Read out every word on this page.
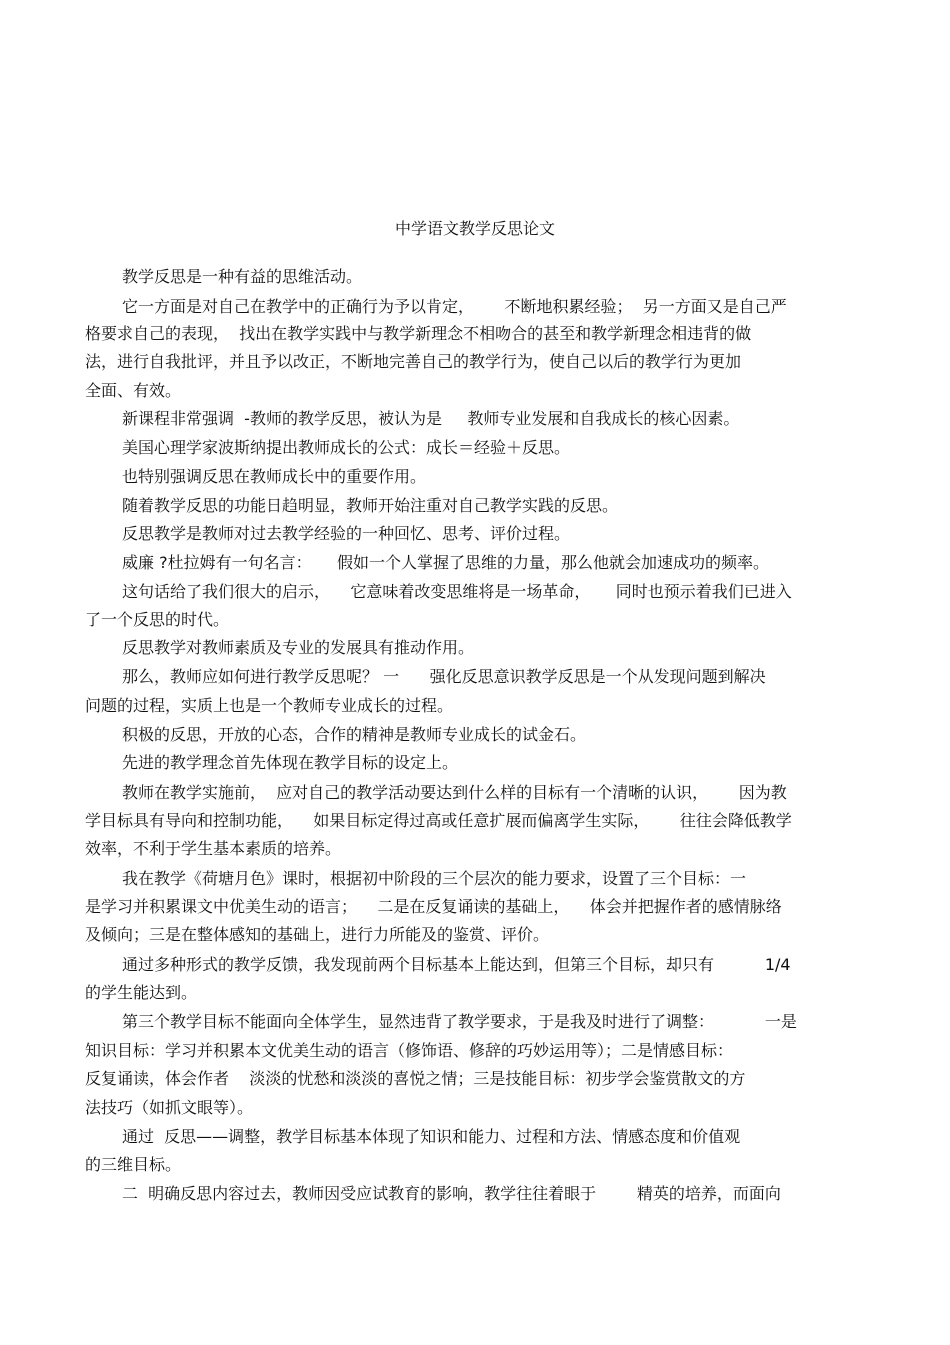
中学语文教学反思论文
教学反思是一种有益的思维活动。
它一方面是对自己在教学中的正确行为予以肯定，      不断地积累经验；  另一方面又是自己严
格要求自己的表现，  找出在教学实践中与教学新理念不相吻合的甚至和教学新理念相违背的做
法，进行自我批评，并且予以改正，不断地完善自己的教学行为，使自己以后的教学行为更加
全面、有效。
新课程非常强调  -教师的教学反思，被认为是     教师专业发展和自我成长的核心因素。
美国心理学家波斯纳提出教师成长的公式：成长＝经验＋反思。
也特别强调反思在教师成长中的重要作用。
随着教学反思的功能日趋明显，教师开始注重对自己教学实践的反思。
反思教学是教师对过去教学经验的一种回忆、思考、评价过程。
威廉 ?杜拉姆有一句名言：     假如一个人掌握了思维的力量，那么他就会加速成功的频率。
这句话给了我们很大的启示，    它意味着改变思维将是一场革命，     同时也预示着我们已进入
了一个反思的时代。
反思教学对教师素质及专业的发展具有推动作用。
那么，教师应如何进行教学反思呢？ 一      强化反思意识教学反思是一个从发现问题到解决
问题的过程，实质上也是一个教师专业成长的过程。
积极的反思，开放的心态，合作的精神是教师专业成长的试金石。
先进的教学理念首先体现在教学目标的设定上。
教师在教学实施前，  应对自己的教学活动要达到什么样的目标有一个清晰的认识，      因为教
学目标具有导向和控制功能，    如果目标定得过高或任意扩展而偏离学生实际，      往往会降低教学
效率，不利于学生基本素质的培养。
我在教学《荷塘月色》课时，根据初中阶段的三个层次的能力要求，设置了三个目标：一
是学习并积累课文中优美生动的语言；    二是在反复诵读的基础上，    体会并把握作者的感情脉络
及倾向；三是在整体感知的基础上，进行力所能及的鉴赏、评价。
通过多种形式的教学反馈，我发现前两个目标基本上能达到，但第三个目标，却只有          1/4
的学生能达到。
第三个教学目标不能面向全体学生，显然违背了教学要求，于是我及时进行了调整：          一是
知识目标：学习并积累本文优美生动的语言（修饰语、修辞的巧妙运用等）；二是情感目标：
反复诵读，体会作者    淡淡的忧愁和淡淡的喜悦之情；三是技能目标：初步学会鉴赏散文的方
法技巧（如抓文眼等）。
通过  反思——调整，教学目标基本体现了知识和能力、过程和方法、情感态度和价值观
的三维目标。
二  明确反思内容过去，教师因受应试教育的影响，教学往往着眼于        精英的培养，而面向
